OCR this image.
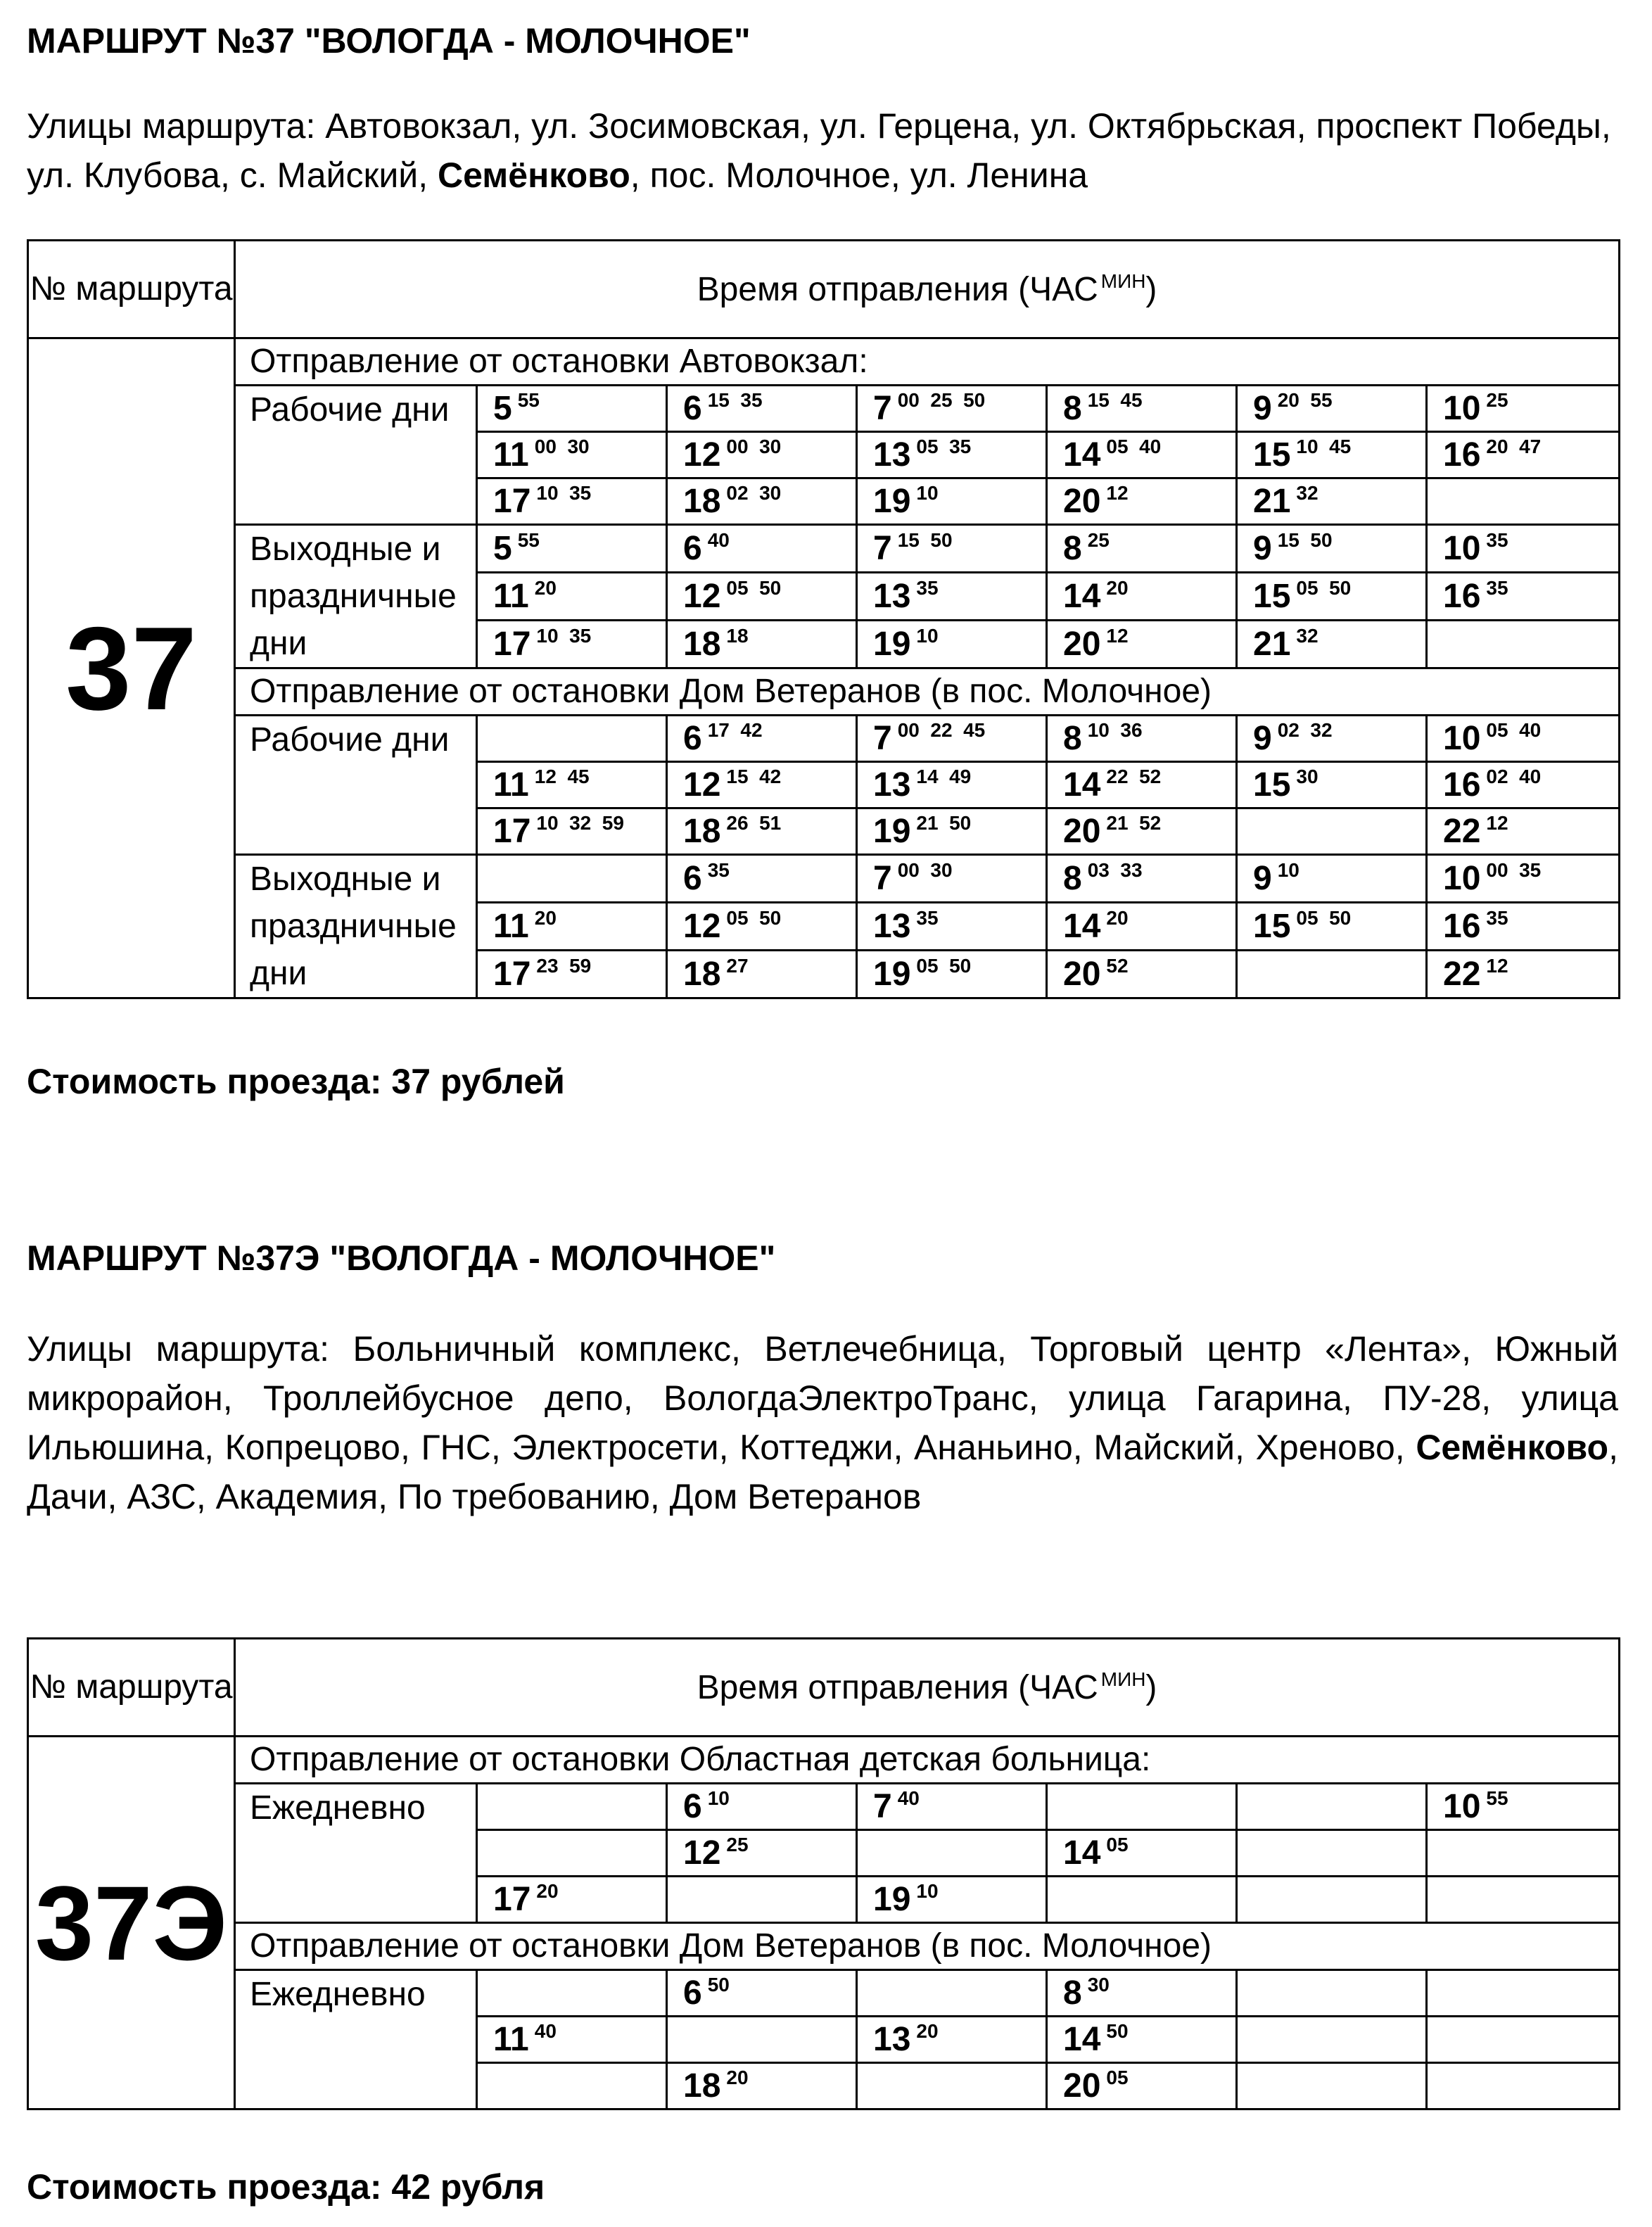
МАРШРУТ №37 "ВОЛОГДА - МОЛОЧНОЕ"
Улицы маршрута: Автовокзал, ул. Зосимовская, ул. Герцена, ул. Октябрьская, проспект Победы, ул. Клубова, с. Майский, Семёнково, пос. Молочное, ул. Ленина
№ маршрута	Время отправления (ЧАС $^{МИН}$)						
37	Отправление от остановки Автовокзал:						
	Рабочие дни	5 55	6 15  35	7 00  25  50	8 15  45	9 20  55	10 25
		11 00  30	12 00  30	13 05  35	14 05  40	15 10  45	16 20  47
		17 10  35	18 02  30	19 10	20 12	21 32	
	Выходные и праздничные дни	5 55	6 40	7 15  50	8 25	9 15  50	10 35
		11 20	12 05  50	13 35	14 20	15 05  50	16 35
		17 10  35	18 18	19 10	20 12	21 32	
	Отправление от остановки Дом Ветеранов (в пос. Молочное)						
	Рабочие дни		6 17  42	7 00  22  45	8 10  36	9 02  32	10 05  40
		11 12  45	12 15  42	13 14  49	14 22  52	15 30	16 02  40
		17 10  32  59	18 26  51	19 21  50	20 21  52		22 12
	Выходные и праздничные дни		6 35	7 00  30	8 03  33	9 10	10 00  35
		11 20	12 05  50	13 35	14 20	15 05  50	16 35
		17 23  59	18 27	19 05  50	20 52		22 12
Стоимость проезда: 37 рублей
МАРШРУТ №37Э "ВОЛОГДА - МОЛОЧНОЕ"
Улицы маршрута: Больничный комплекс, Ветлечебница, Торговый центр «Лента», Южный микрорайон, Троллейбусное депо, ВологдаЭлектроТранс, улица Гагарина, ПУ-28, улица Ильюшина, Копрецово, ГНС, Электросети, Коттеджи, Ананьино, Майский, Хреново, Семёнково, Дачи, АЗС, Академия, По требованию, Дом Ветеранов
№ маршрута	Время отправления (ЧАС $^{МИН}$)						
37Э	Отправление от остановки Областная детская больница:						
	Ежедневно		6 10	7 40			10 55
			12 25		14 05		
		17 20		19 10			
	Отправление от остановки Дом Ветеранов (в пос. Молочное)						
	Ежедневно		6 50		8 30		
		11 40		13 20	14 50		
			18 20		20 05		
Стоимость проезда: 42 рубля
